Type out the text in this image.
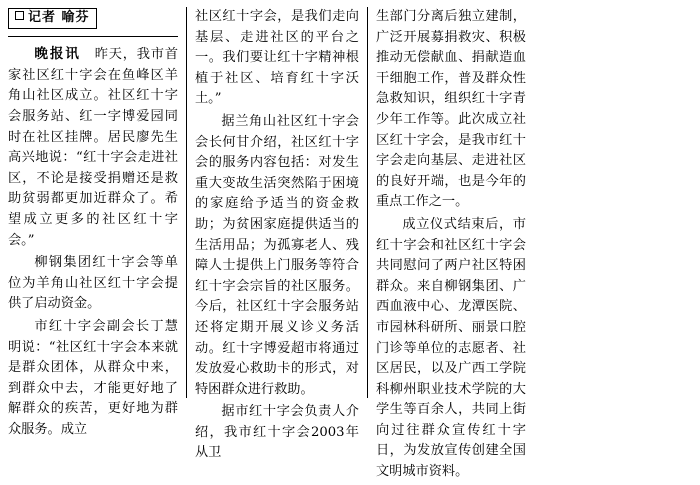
记者 喻芬

晚报讯　昨天，我市首家社区红十字会在鱼峰区羊角山社区成立。社区红十字会服务站、红一字博爱园同时在社区挂牌。居民廖先生高兴地说：“红十字会走进社区，不论是接受捐赠还是救助贫弱都更加近群众了。希望成立更多的社区红十字会。”

柳钢集团红十字会等单位为羊角山社区红十字会提供了启动资金。

市红十字会副会长丁慧明说：“社区红十字会本来就是群众团体，从群众中来，到群众中去，才能更好地了解群众的疾苦，更好地为群众服务。成立

社区红十字会，是我们走向基层、走进社区的平台之一。我们要让红十字精神根植于社区、培育红十字沃土。”

据兰角山社区红十字会会长何甘介绍，社区红十字会的服务内容包括：对发生重大变故生活突然陷于困境的家庭给予适当的资金救助；为贫困家庭提供适当的生活用品；为孤寡老人、残障人士提供上门服务等符合红十字会宗旨的社区服务。今后，社区红十字会服务站还将定期开展义诊义务活动。红十字博爱超市将通过发放爱心救助卡的形式，对特困群众进行救助。

据市红十字会负责人介绍，我市红十字会2003年从卫

生部门分离后独立建制，广泛开展募捐救灾、积极推动无偿献血、捐献造血干细胞工作，普及群众性急救知识，组织红十字青少年工作等。此次成立社区红十字会，是我市红十字会走向基层、走进社区的良好开端，也是今年的重点工作之一。

成立仪式结束后，市红十字会和社区红十字会共同慰问了两户社区特困群众。来自柳钢集团、广西血液中心、龙潭医院、市园林科研所、丽景口腔门诊等单位的志愿者、社区居民，以及广西工学院科柳州职业技术学院的大学生等百余人，共同上街向过往群众宣传红十字日，为发放宣传创建全国文明城市资料。
